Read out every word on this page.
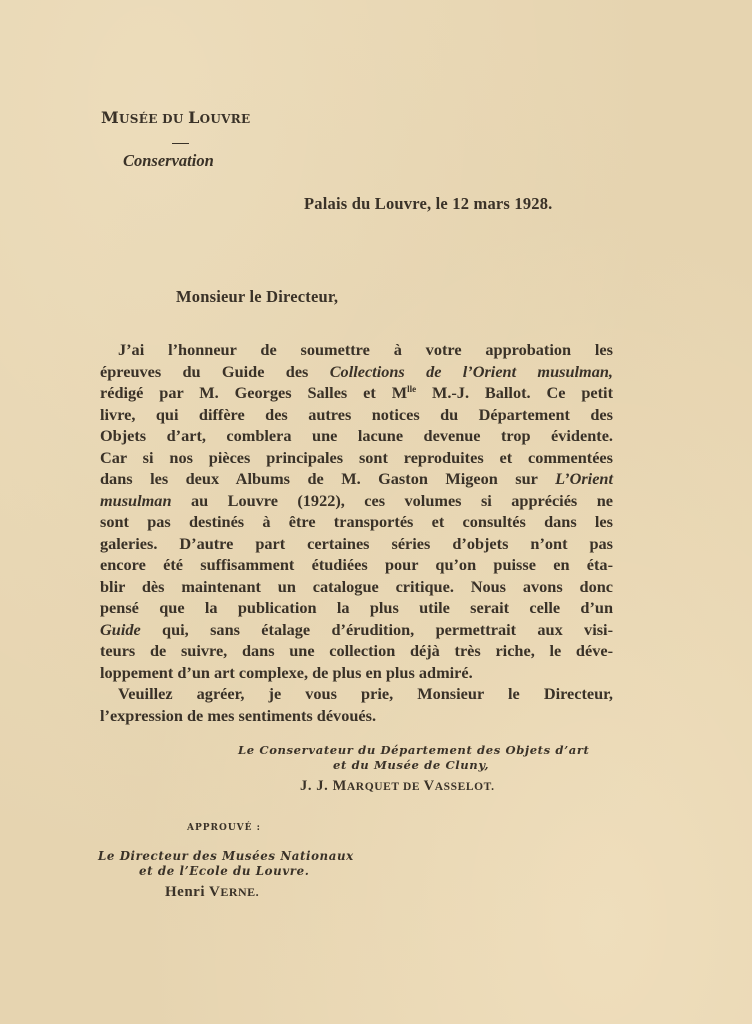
MUSÉE DU LOUVRE
Conservation
Palais du Louvre, le 12 mars 1928.
Monsieur le Directeur,
J’ai l’honneur de soumettre à votre approbation les
épreuves du Guide des Collections de l’Orient musulman,
rédigé par M. Georges Salles et $M^{lle}$ M.-J. Ballot. Ce petit
livre, qui diffère des autres notices du Département des
Objets d’art, comblera une lacune devenue trop évidente.
Car si nos pièces principales sont reproduites et commentées
dans les deux Albums de M. Gaston Migeon sur L’Orient
musulman au Louvre (1922), ces volumes si appréciés ne
sont pas destinés à être transportés et consultés dans les
galeries. D’autre part certaines séries d’objets n’ont pas
encore été suffisamment étudiées pour qu’on puisse en éta-
blir dès maintenant un catalogue critique. Nous avons donc
pensé que la publication la plus utile serait celle d’un
Guide qui, sans étalage d’érudition, permettrait aux visi-
teurs de suivre, dans une collection déjà très riche, le déve-
loppement d’un art complexe, de plus en plus admiré.
Veuillez agréer, je vous prie, Monsieur le Directeur,
l’expression de mes sentiments dévoués.
Le Conservateur du Département des Objets d’art
et du Musée de Cluny,
J. J. MARQUET DE VASSELOT.
APPROUVÉ :
Le Directeur des Musées Nationaux
et de l’Ecole du Louvre.
Henri VERNE.
